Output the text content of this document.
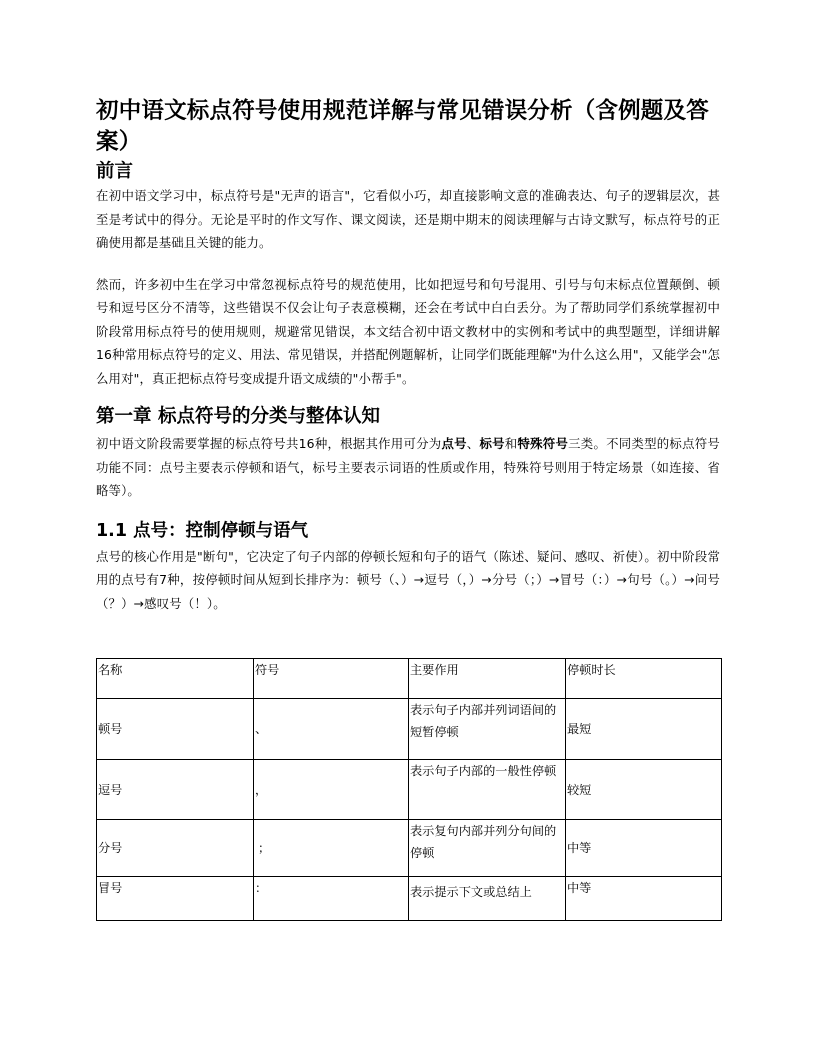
初中语文标点符号使用规范详解与常见错误分析（含例题及答案）
前言

在初中语文学习中，标点符号是"无声的语言"，它看似小巧，却直接影响文意的准确表达、句子的逻辑层次，甚至是考试中的得分。无论是平时的作文写作、课文阅读，还是期中期末的阅读理解与古诗文默写，标点符号的正确使用都是基础且关键的能力。

然而，许多初中生在学习中常忽视标点符号的规范使用，比如把逗号和句号混用、引号与句末标点位置颠倒、顿号和逗号区分不清等，这些错误不仅会让句子表意模糊，还会在考试中白白丢分。为了帮助同学们系统掌握初中阶段常用标点符号的使用规则，规避常见错误，本文结合初中语文教材中的实例和考试中的典型题型，详细讲解16种常用标点符号的定义、用法、常见错误，并搭配例题解析，让同学们既能理解"为什么这么用"，又能学会"怎么用对"，真正把标点符号变成提升语文成绩的"小帮手"。

第一章 标点符号的分类与整体认知

初中语文阶段需要掌握的标点符号共16种，根据其作用可分为点号、标号和特殊符号三类。不同类型的标点符号功能不同：点号主要表示停顿和语气，标号主要表示词语的性质或作用，特殊符号则用于特定场景（如连接、省略等）。

1.1 点号：控制停顿与语气

点号的核心作用是"断句"，它决定了句子内部的停顿长短和句子的语气（陈述、疑问、感叹、祈使）。初中阶段常用的点号有7种，按停顿时间从短到长排序为：顿号（、）→逗号（，）→分号（；）→冒号（：）→句号（。）→问号（？）→感叹号（！）。

名称	符号	主要作用	停顿时长
顿号	、	表示句子内部并列词语间的短暂停顿	最短
逗号	，	表示句子内部的一般性停顿	较短
分号	；	表示复句内部并列分句间的停顿	中等
冒号	：	表示提示下文或总结上	中等
